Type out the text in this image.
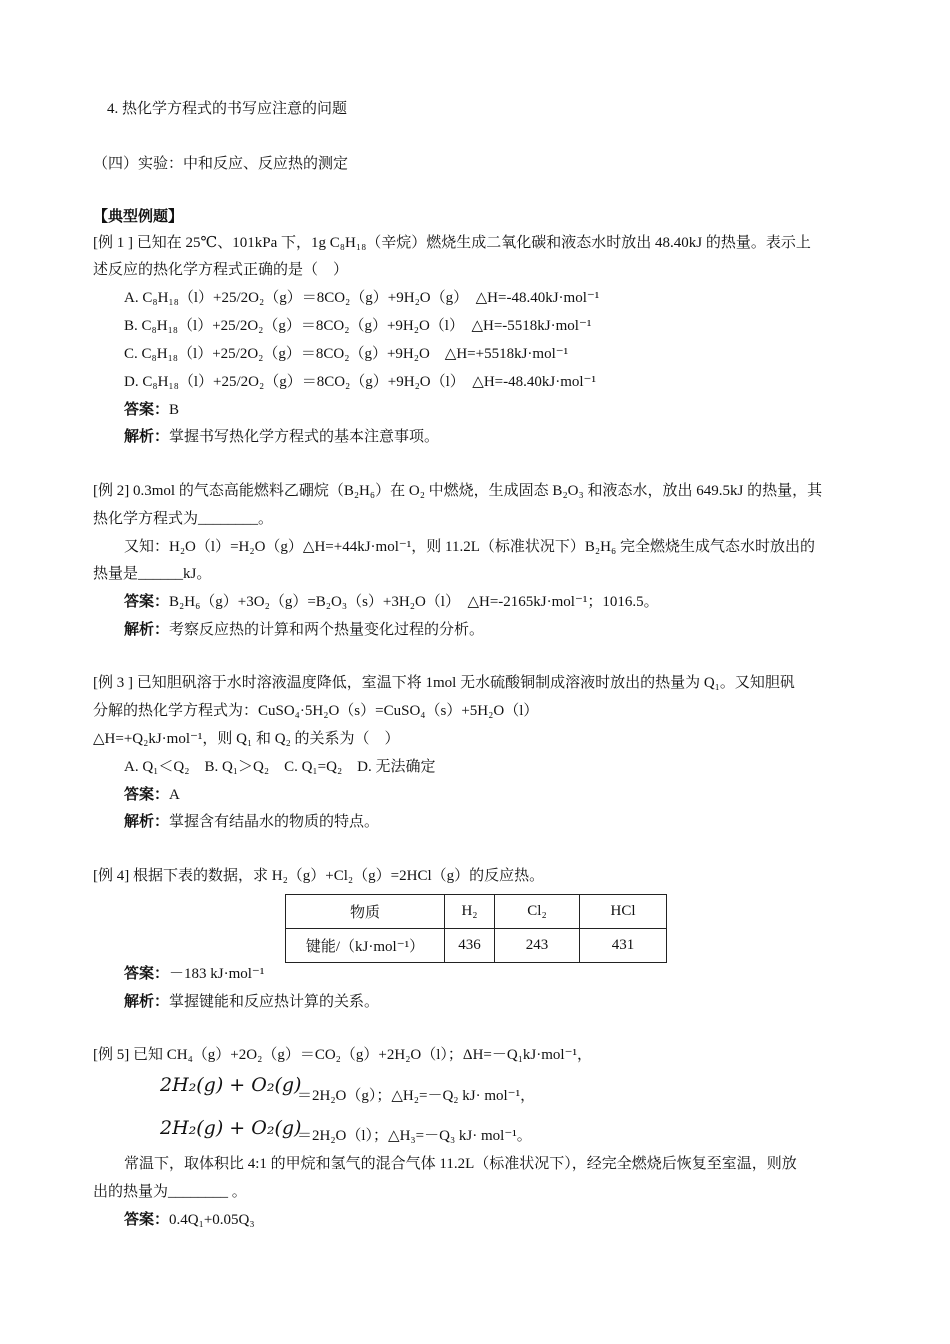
4. 热化学方程式的书写应注意的问题
（四）实验：中和反应、反应热的测定
【典型例题】
[例 1 ] 已知在 25℃、101kPa 下，1g C₈H₁₈（辛烷）燃烧生成二氧化碳和液态水时放出 48.40kJ 的热量。表示上
述反应的热化学方程式正确的是（　）
A. C₈H₁₈（l）+25/2O₂（g）＝8CO₂（g）+9H₂O（g）　△H=-48.40kJ·mol⁻¹
B. C₈H₁₈（l）+25/2O₂（g）＝8CO₂（g）+9H₂O（l）　△H=-5518kJ·mol⁻¹
C. C₈H₁₈（l）+25/2O₂（g）＝8CO₂（g）+9H₂O　△H=+5518kJ·mol⁻¹
D. C₈H₁₈（l）+25/2O₂（g）＝8CO₂（g）+9H₂O（l）　△H=-48.40kJ·mol⁻¹
答案：B
解析：掌握书写热化学方程式的基本注意事项。
[例 2] 0.3mol 的气态高能燃料乙硼烷（B₂H₆）在 O₂ 中燃烧，生成固态 B₂O₃ 和液态水，放出 649.5kJ 的热量，其
热化学方程式为________。
又知：H₂O（l）=H₂O（g）△H=+44kJ·mol⁻¹，则 11.2L（标准状况下）B₂H₆ 完全燃烧生成气态水时放出的
热量是______kJ。
答案：B₂H₆（g）+3O₂（g）=B₂O₃（s）+3H₂O（l）　△H=-2165kJ·mol⁻¹；1016.5。
解析：考察反应热的计算和两个热量变化过程的分析。
[例 3 ] 已知胆矾溶于水时溶液温度降低，室温下将 1mol 无水硫酸铜制成溶液时放出的热量为 Q₁。又知胆矾
分解的热化学方程式为：CuSO₄·5H₂O（s）=CuSO₄（s）+5H₂O（l）
△H=+Q₂kJ·mol⁻¹，则 Q₁ 和 Q₂ 的关系为（　）
A. Q₁＜Q₂　B. Q₁＞Q₂　C. Q₁=Q₂　D. 无法确定
答案：A
解析：掌握含有结晶水的物质的特点。
[例 4] 根据下表的数据，求 H₂（g）+Cl₂（g）=2HCl（g）的反应热。
物质	H₂	Cl₂	HCl
键能/（kJ·mol⁻¹）	436	243	431
答案：－183 kJ·mol⁻¹
解析：掌握键能和反应热计算的关系。
[例 5] 已知 CH₄（g）+2O₂（g）＝CO₂（g）+2H₂O（l）；ΔH=－Q₁kJ·mol⁻¹，
2H₂(g) + O₂(g)
＝2H₂O（g）；△H₂=－Q₂ kJ· mol⁻¹，
2H₂(g) + O₂(g)
＝2H₂O（l）；△H₃=－Q₃ kJ· mol⁻¹。
常温下，取体积比 4:1 的甲烷和氢气的混合气体 11.2L（标准状况下），经完全燃烧后恢复至室温，则放
出的热量为________ 。
答案：0.4Q₁+0.05Q₃
